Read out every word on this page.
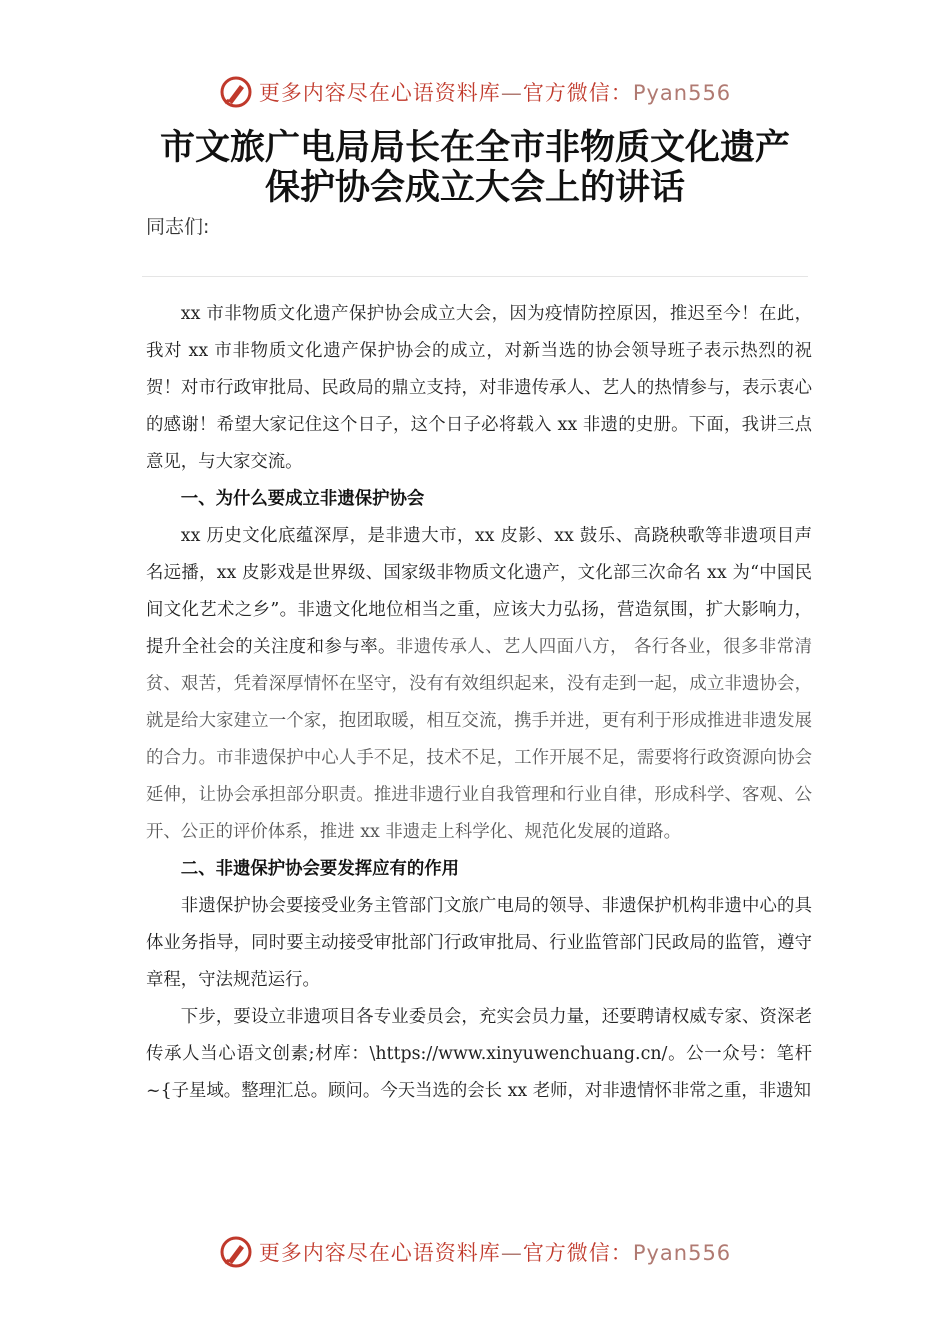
更多内容尽在心语资料库—官方微信：Pyan556
市文旅广电局局长在全市非物质文化遗产
保护协会成立大会上的讲话
同志们:

xx 市非物质文化遗产保护协会成立大会，因为疫情防控原因，推迟至今！在此，我对 xx 市非物质文化遗产保护协会的成立，对新当选的协会领导班子表示热烈的祝贺！对市行政审批局、民政局的鼎立支持，对非遗传承人、艺人的热情参与，表示衷心的感谢！希望大家记住这个日子，这个日子必将载入 xx 非遗的史册。下面，我讲三点意见，与大家交流。

一、为什么要成立非遗保护协会

xx 历史文化底蕴深厚，是非遗大市，xx 皮影、xx 鼓乐、高跷秧歌等非遗项目声名远播，xx 皮影戏是世界级、国家级非物质文化遗产，文化部三次命名 xx 为“中国民间文化艺术之乡”。非遗文化地位相当之重，应该大力弘扬，营造氛围，扩大影响力，提升全社会的关注度和参与率。非遗传承人、艺人四面八方， 各行各业，很多非常清贫、艰苦，凭着深厚情怀在坚守，没有有效组织起来，没有走到一起，成立非遗协会，就是给大家建立一个家，抱团取暖，相互交流，携手并进，更有利于形成推进非遗发展的合力。市非遗保护中心人手不足，技术不足，工作开展不足，需要将行政资源向协会延伸，让协会承担部分职责。推进非遗行业自我管理和行业自律，形成科学、客观、公开、公正的评价体系，推进 xx 非遗走上科学化、规范化发展的道路。

二、非遗保护协会要发挥应有的作用

非遗保护协会要接受业务主管部门文旅广电局的领导、非遗保护机构非遗中心的具体业务指导，同时要主动接受审批部门行政审批局、行业监管部门民政局的监管，遵守章程，守法规范运行。

下步，要设立非遗项目各专业委员会，充实会员力量，还要聘请权威专家、资深老传承人当心语文创素;材库：\https://www.xinyuwenchuang.cn/。公一众号：笔杆~{子星域。整理汇总。顾问。今天当选的会长 xx 老师，对非遗情怀非常之重，非遗知

更多内容尽在心语资料库—官方微信：Pyan556
